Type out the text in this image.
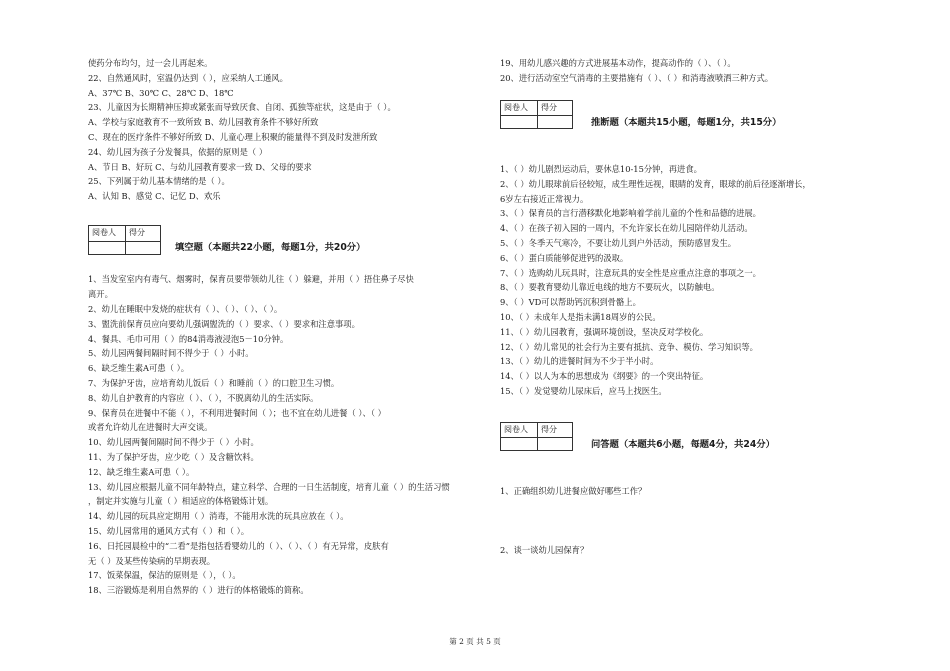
使药分布均匀，过一会儿再起来。
22、自然通风时，室温仍达到（ ），应采纳人工通风。
A、37℃ B、30℃ C、28℃ D、18℃
23、儿童因为长期精神压抑或紧张而导致厌食、自闭、孤独等症状，这是由于（ ）。
A、学校与家庭教育不一致所致 B、幼儿园教育条件不够好所致
C、现在的医疗条件不够好所致 D、儿童心理上积聚的能量得不到及时发泄所致
24、幼儿园为孩子分发餐具，依据的原则是（ ）
A、节日 B、好玩 C、与幼儿园教育要求一致 D、父母的要求
25、下列属于幼儿基本情绪的是（ ）。
A、认知 B、感觉 C、记忆 D、欢乐
阅卷人	得分

填空题（本题共22小题，每题1分，共20分）
1、当发室室内有毒气、烟雾时，保育员要带领幼儿往（ ）躲避，并用（ ）捂住鼻子尽快
离开。
2、幼儿在睡眠中发烧的症状有（ ）、（ ）、（ ）、（ ）。
3、盥洗前保育员应向要幼儿强调盥洗的（ ）要求、（ ）要求和注意事项。
4、餐具、毛巾可用（ ）的84消毒液浸泡5－10分钟。
5、幼儿园两餐间隔时间不得少于（ ）小时。
6、缺乏维生素A可患（ ）。
7、为保护牙齿，应培育幼儿饭后（ ）和睡前（ ）的口腔卫生习惯。
8、幼儿自护教育的内容应（ ）、（ ），不脱离幼儿的生活实际。
9、保育员在进餐中不能（ ），不利用进餐时间（ ）；也不宜在幼儿进餐（ ）、（ ）
或者允许幼儿在进餐时大声交谈。
10、幼儿园两餐间隔时间不得少于（ ）小时。
11、为了保护牙齿，应少吃（ ）及含糖饮料。
12、缺乏维生素A可患（ ）。
13、幼儿园应根据儿童不同年龄特点，建立科学、合理的一日生活制度，培育儿童（ ）的生活习惯
，制定并实施与儿童（ ）相适应的体格锻炼计划。
14、幼儿园的玩具应定期用（ ）消毒，不能用水洗的玩具应放在（ ）。
15、幼儿园常用的通风方式有（ ）和（ ）。
16、日托园晨检中的“二看”是指包括看婴幼儿的（ ）、（ ）、（ ）有无异常，皮肤有
无（ ）及某些传染病的早期表现。
17、饭菜保温，保洁的原则是（ ），（ ）。
18、三浴锻炼是利用自然界的（ ）进行的体格锻炼的简称。
19、用幼儿感兴趣的方式进展基本动作，提高动作的（ ）、（ ）。
20、进行活动室空气消毒的主要措施有（ ）、（ ）和消毒液喷洒三种方式。
阅卷人	得分

推断题（本题共15小题，每题1分，共15分）
1、（ ）幼儿剧烈运动后，要休息10-15分钟，再进食。
2、（ ）幼儿眼球前后径较短，成生理性远视，眼睛的发育，眼球的前后径逐渐增长，
6岁左右接近正常视力。
3、（ ）保育员的言行潜移默化地影响着学前儿童的个性和品德的进展。
4、（ ）在孩子初入园的一周内，不允许家长在幼儿园陪伴幼儿活动。
5、（ ）冬季天气寒冷，不要让幼儿到户外活动，预防感冒发生。
6、（ ）蛋白质能够促进钙的汲取。
7、（ ）选购幼儿玩具时，注意玩具的安全性是应重点注意的事项之一。
8、（ ）要教育婴幼儿靠近电线的地方不要玩火，以防触电。
9、（ ）VD可以帮助钙沉积到骨骼上。
10、（ ）未成年人是指未满18周岁的公民。
11、（ ）幼儿园教育，强调环境创设，坚决反对学校化。
12、（ ）幼儿常见的社会行为主要有抵抗、竞争、模仿、学习知识等。
13、（ ）幼儿的进餐时间为不少于半小时。
14、（ ）以人为本的思想成为《纲要》的一个突出特征。
15、（ ）发觉婴幼儿尿床后，应马上找医生。
阅卷人	得分

问答题（本题共6小题，每题4分，共24分）
1、正确组织幼儿进餐应做好哪些工作？
2、谈一谈幼儿园保育？
第 2 页 共 5 页
